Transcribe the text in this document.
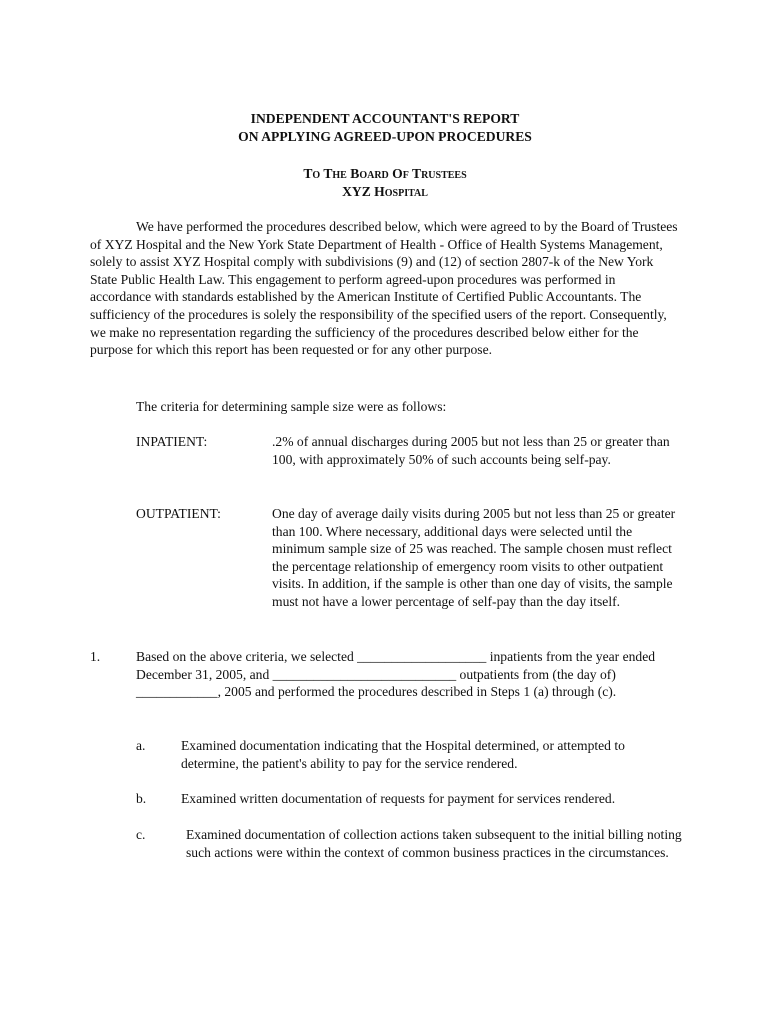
INDEPENDENT ACCOUNTANT'S REPORT
ON APPLYING AGREED-UPON PROCEDURES
To The Board Of Trustees
XYZ Hospital
We have performed the procedures described below, which were agreed to by the Board of Trustees of XYZ Hospital and the New York State Department of Health - Office of Health Systems Management, solely to assist XYZ Hospital comply with subdivisions (9) and (12) of section 2807-k of the New York State Public Health Law. This engagement to perform agreed-upon procedures was performed in accordance with standards established by the American Institute of Certified Public Accountants. The sufficiency of the procedures is solely the responsibility of the specified users of the report. Consequently, we make no representation regarding the sufficiency of the procedures described below either for the purpose for which this report has been requested or for any other purpose.
The criteria for determining sample size were as follows:
INPATIENT:	.2% of annual discharges during 2005 but not less than 25 or greater than 100, with approximately 50% of such accounts being self-pay.
OUTPATIENT:	One day of average daily visits during 2005 but not less than 25 or greater than 100. Where necessary, additional days were selected until the minimum sample size of 25 was reached. The sample chosen must reflect the percentage relationship of emergency room visits to other outpatient visits. In addition, if the sample is other than one day of visits, the sample must not have a lower percentage of self-pay than the day itself.
1.	Based on the above criteria, we selected ___________________ inpatients from the year ended December 31, 2005, and ___________________________ outpatients from (the day of) ____________, 2005 and performed the procedures described in Steps 1 (a) through (c).
a.	Examined documentation indicating that the Hospital determined, or attempted to determine, the patient's ability to pay for the service rendered.
b.	Examined written documentation of requests for payment for services rendered.
c.	Examined documentation of collection actions taken subsequent to the initial billing noting such actions were within the context of common business practices in the circumstances.
